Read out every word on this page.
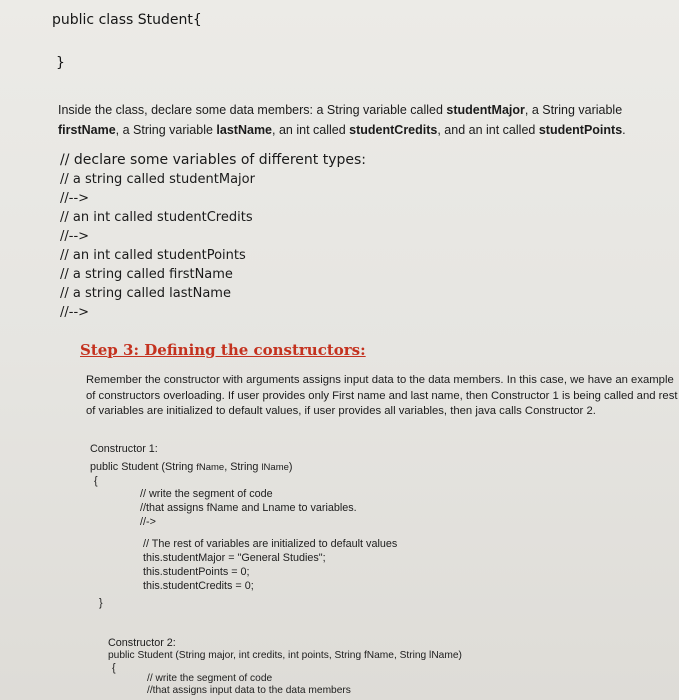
public class Student{
}
Inside the class, declare some data members: a String variable called studentMajor, a String variable firstName, a String variable lastName, an int called studentCredits, and an int called studentPoints.
// declare some variables of different types:
// a string called studentMajor
//-->
// an int called studentCredits
//-->
// an int called studentPoints
// a string called firstName
// a string called lastName
//-->
Step 3: Defining the constructors:
Remember the constructor with arguments assigns input data to the data members. In this case, we have an example of constructors overloading. If user provides only First name and last name, then Constructor 1 is being called and rest of variables are initialized to default values, if user provides all variables, then java calls Constructor 2.
Constructor 1:
public Student (String fName, String lName)
{
// write the segment of code
//that assigns fName and Lname to variables.
//->
// The rest of variables are initialized to default values
this.studentMajor = "General Studies";
this.studentPoints = 0;
this.studentCredits = 0;
}
Constructor 2:
public Student (String major, int credits, int points, String fName, String lName)
{
// write the segment of code
//that assigns input data to the data members
